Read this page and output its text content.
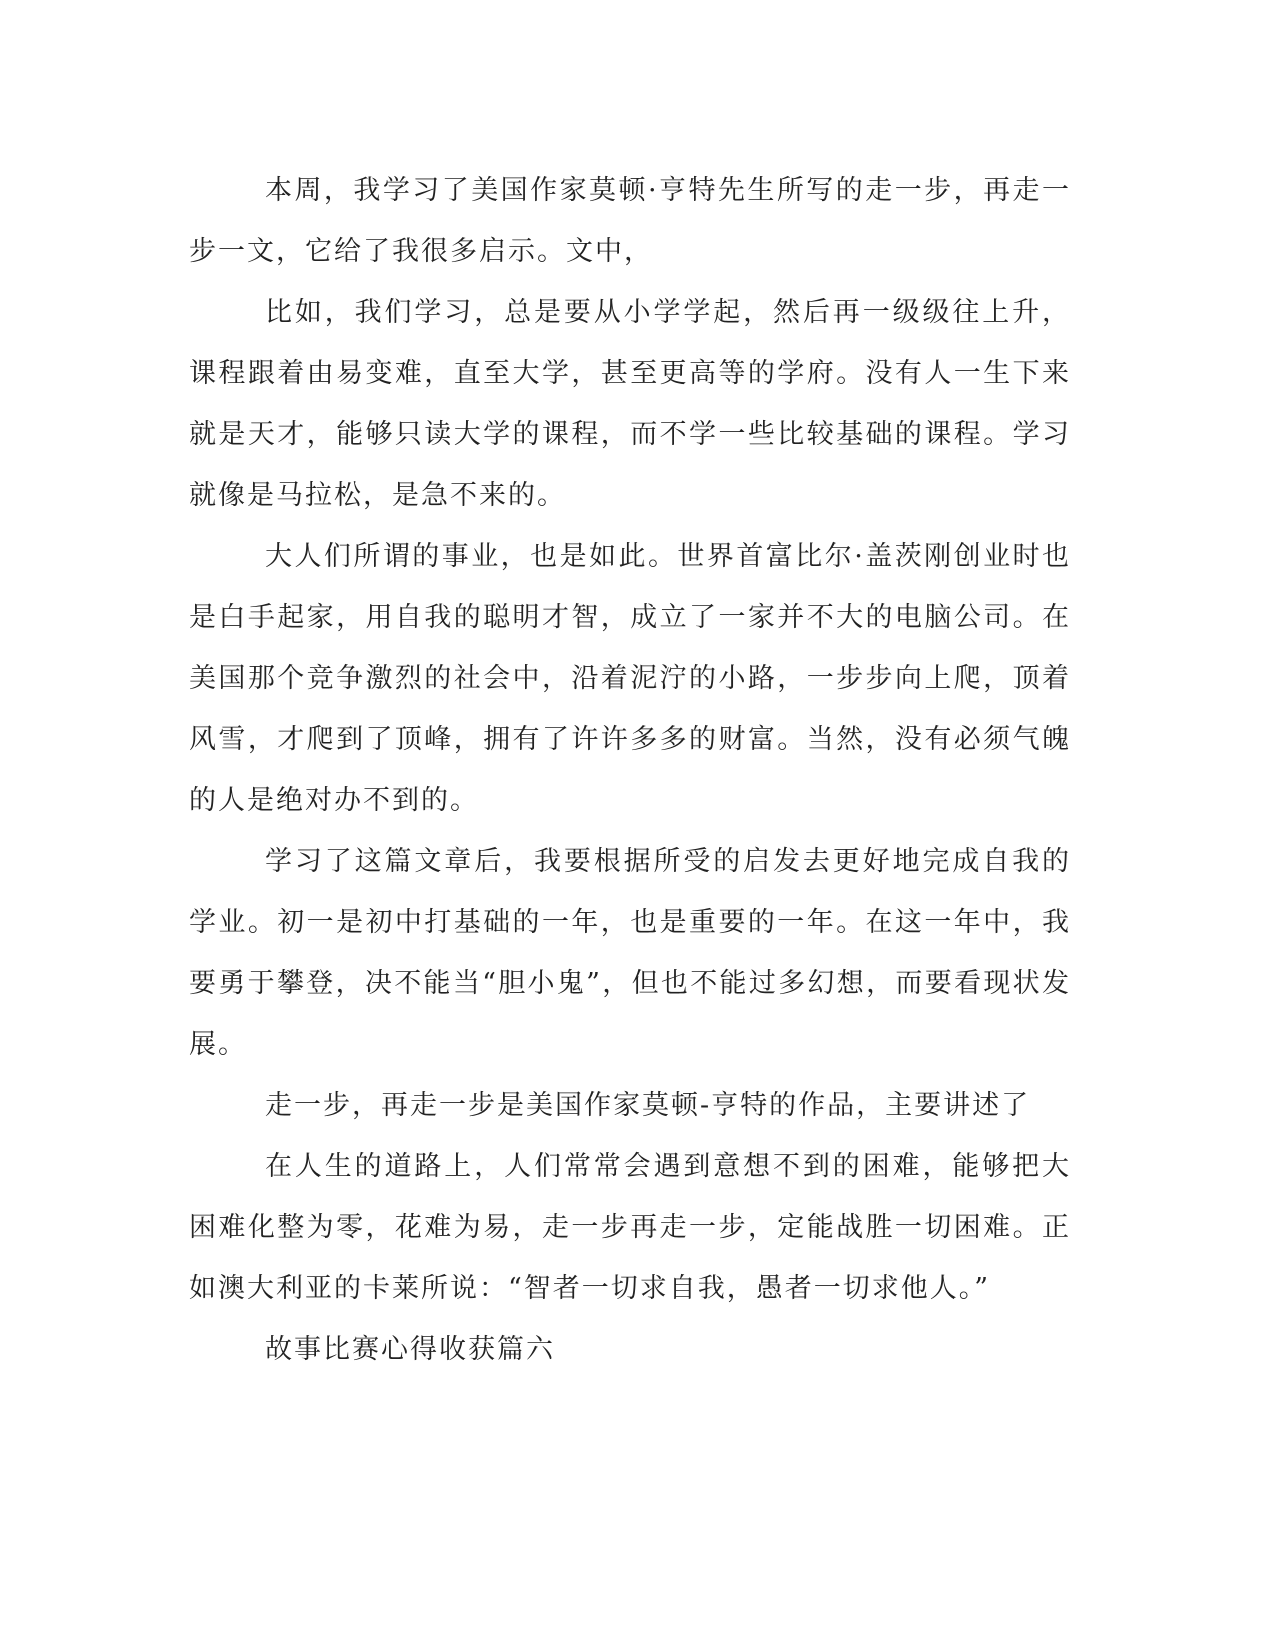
本周，我学习了美国作家莫顿·亨特先生所写的走一步，再走一步一文，它给了我很多启示。文中，

比如，我们学习，总是要从小学学起，然后再一级级往上升，课程跟着由易变难，直至大学，甚至更高等的学府。没有人一生下来就是天才，能够只读大学的课程，而不学一些比较基础的课程。学习就像是马拉松，是急不来的。

大人们所谓的事业，也是如此。世界首富比尔·盖茨刚创业时也是白手起家，用自我的聪明才智，成立了一家并不大的电脑公司。在美国那个竞争激烈的社会中，沿着泥泞的小路，一步步向上爬，顶着风雪，才爬到了顶峰，拥有了许许多多的财富。当然，没有必须气魄的人是绝对办不到的。

学习了这篇文章后，我要根据所受的启发去更好地完成自我的学业。初一是初中打基础的一年，也是重要的一年。在这一年中，我要勇于攀登，决不能当“胆小鬼”，但也不能过多幻想，而要看现状发展。

走一步，再走一步是美国作家莫顿-亨特的作品，主要讲述了

在人生的道路上，人们常常会遇到意想不到的困难，能够把大困难化整为零，花难为易，走一步再走一步，定能战胜一切困难。正如澳大利亚的卡莱所说：“智者一切求自我，愚者一切求他人。”

故事比赛心得收获篇六
